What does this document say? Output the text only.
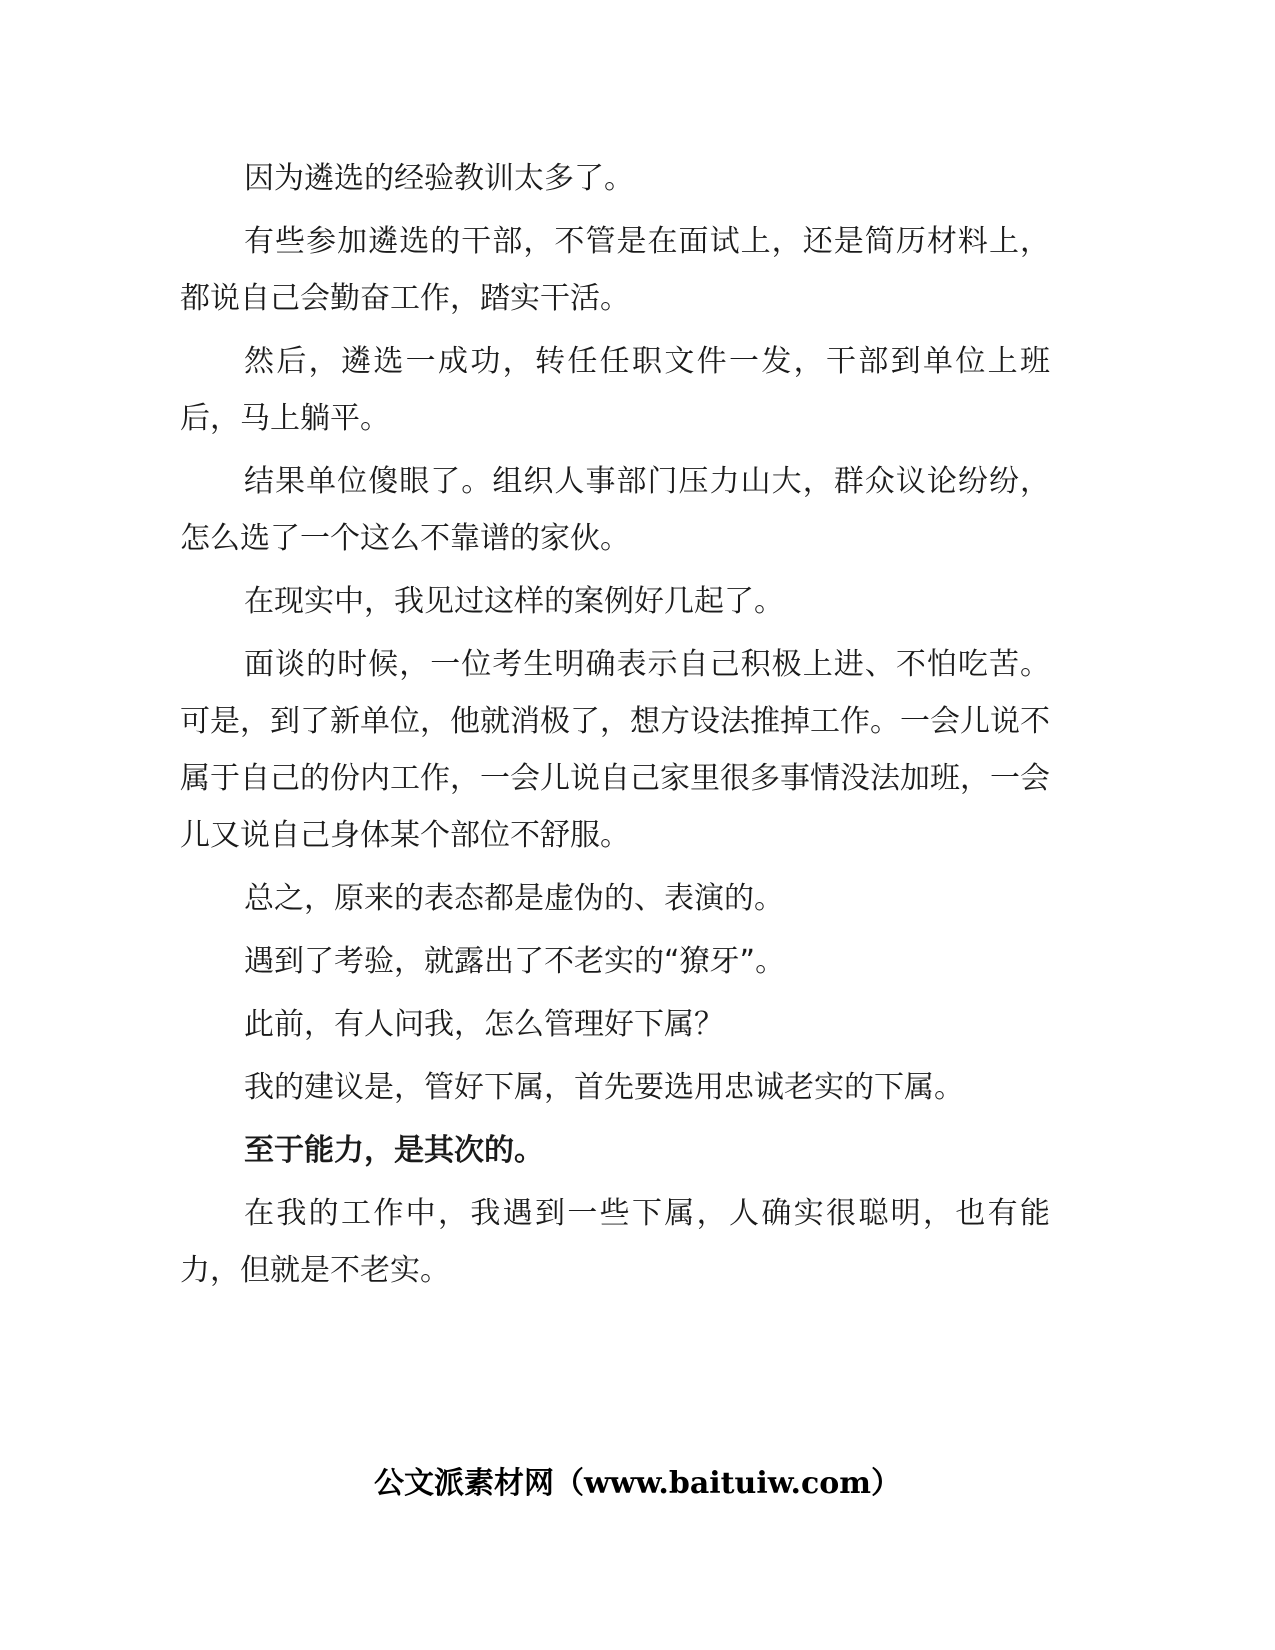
因为遴选的经验教训太多了。

有些参加遴选的干部，不管是在面试上，还是简历材料上，都说自己会勤奋工作，踏实干活。

然后，遴选一成功，转任任职文件一发，干部到单位上班后，马上躺平。

结果单位傻眼了。组织人事部门压力山大，群众议论纷纷，怎么选了一个这么不靠谱的家伙。

在现实中，我见过这样的案例好几起了。

面谈的时候，一位考生明确表示自己积极上进、不怕吃苦。可是，到了新单位，他就消极了，想方设法推掉工作。一会儿说不属于自己的份内工作，一会儿说自己家里很多事情没法加班，一会儿又说自己身体某个部位不舒服。

总之，原来的表态都是虚伪的、表演的。

遇到了考验，就露出了不老实的“獠牙”。

此前，有人问我，怎么管理好下属？

我的建议是，管好下属，首先要选用忠诚老实的下属。

至于能力，是其次的。

在我的工作中，我遇到一些下属，人确实很聪明，也有能力，但就是不老实。

公文派素材网（www.baituiw.com）
